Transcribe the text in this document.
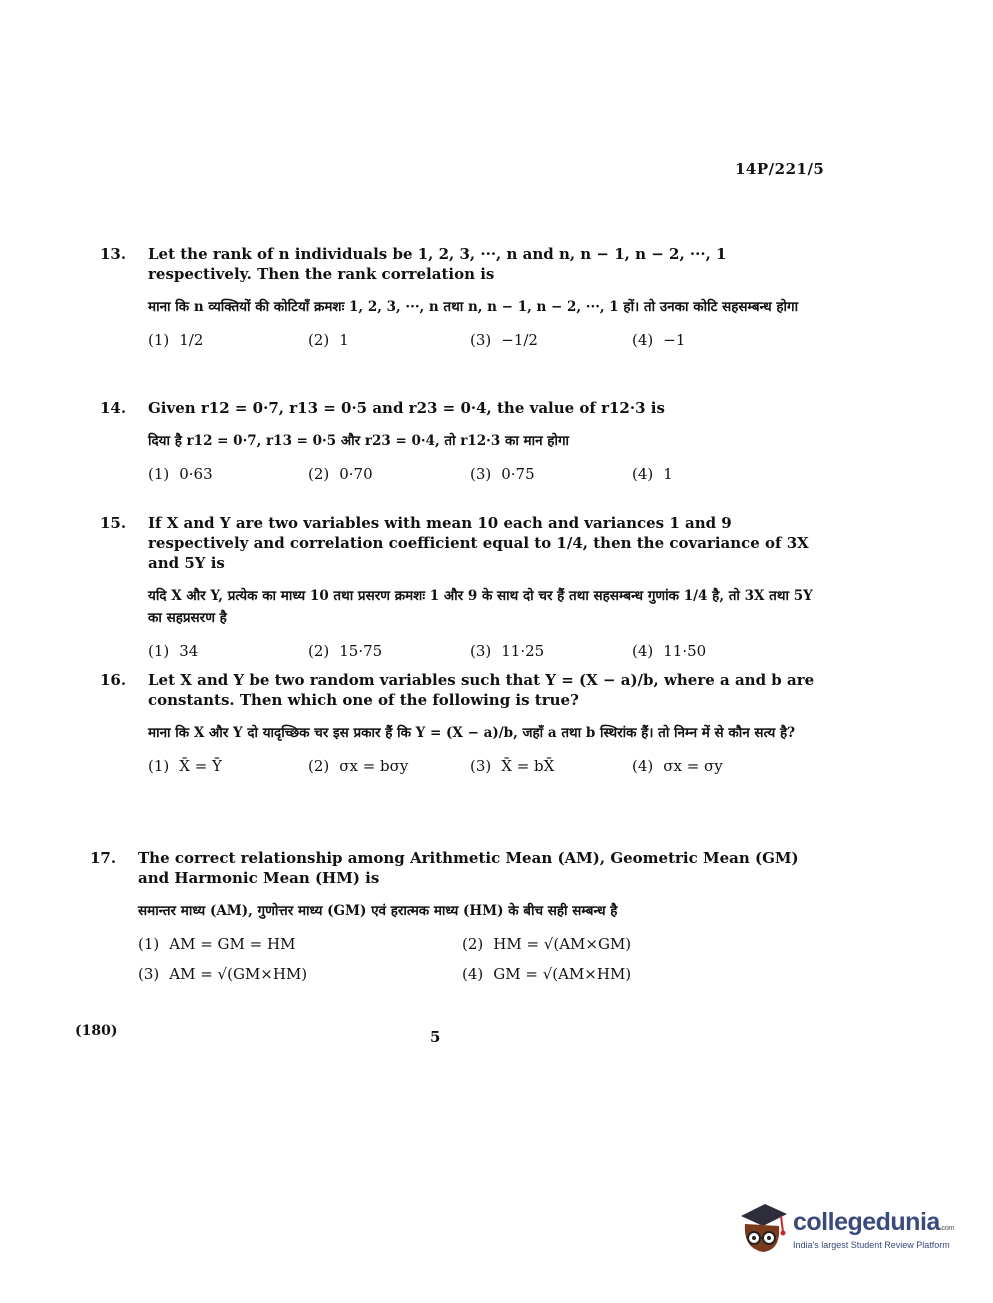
14P/221/5
13. Let the rank of n individuals be 1, 2, 3, ···, n and n, n − 1, n − 2, ···, 1 respectively. Then the rank correlation is
माना कि n व्यक्तियों की कोटियाँ क्रमशः 1, 2, 3, ···, n तथा n, n − 1, n − 2, ···, 1 हों। तो उनका कोटि सहसम्बन्ध होगा
(1) 1/2	(2) 1	(3) −1/2	(4) −1
14. Given r12 = 0·7, r13 = 0·5 and r23 = 0·4, the value of r12·3 is
दिया है r12 = 0·7, r13 = 0·5 और r23 = 0·4, तो r12·3 का मान होगा
(1) 0·63	(2) 0·70	(3) 0·75	(4) 1
15. If X and Y are two variables with mean 10 each and variances 1 and 9 respectively and correlation coefficient equal to 1/4, then the covariance of 3X and 5Y is
यदि X और Y, प्रत्येक का माध्य 10 तथा प्रसरण क्रमशः 1 और 9 के साथ दो चर हैं तथा सहसम्बन्ध गुणांक 1/4 है, तो 3X तथा 5Y का सहप्रसरण है
(1) 34	(2) 15·75	(3) 11·25	(4) 11·50
16. Let X and Y be two random variables such that Y = (X − a)/b, where a and b are constants. Then which one of the following is true?
माना कि X और Y दो यादृच्छिक चर इस प्रकार हैं कि Y = (X − a)/b, जहाँ a तथा b स्थिरांक हैं। तो निम्न में से कौन सत्य है?
(1) X̄ = Ȳ	(2) σx = bσy	(3) X̄ = bX̄	(4) σx = σy
17. The correct relationship among Arithmetic Mean (AM), Geometric Mean (GM) and Harmonic Mean (HM) is
समान्तर माध्य (AM), गुणोत्तर माध्य (GM) एवं हरात्मक माध्य (HM) के बीच सही सम्बन्ध है
(1) AM = GM = HM	(2) HM = √(AM×GM)
(3) AM = √(GM×HM)	(4) GM = √(AM×HM)
(180)	5
collegedunia.com
India's largest Student Review Platform
